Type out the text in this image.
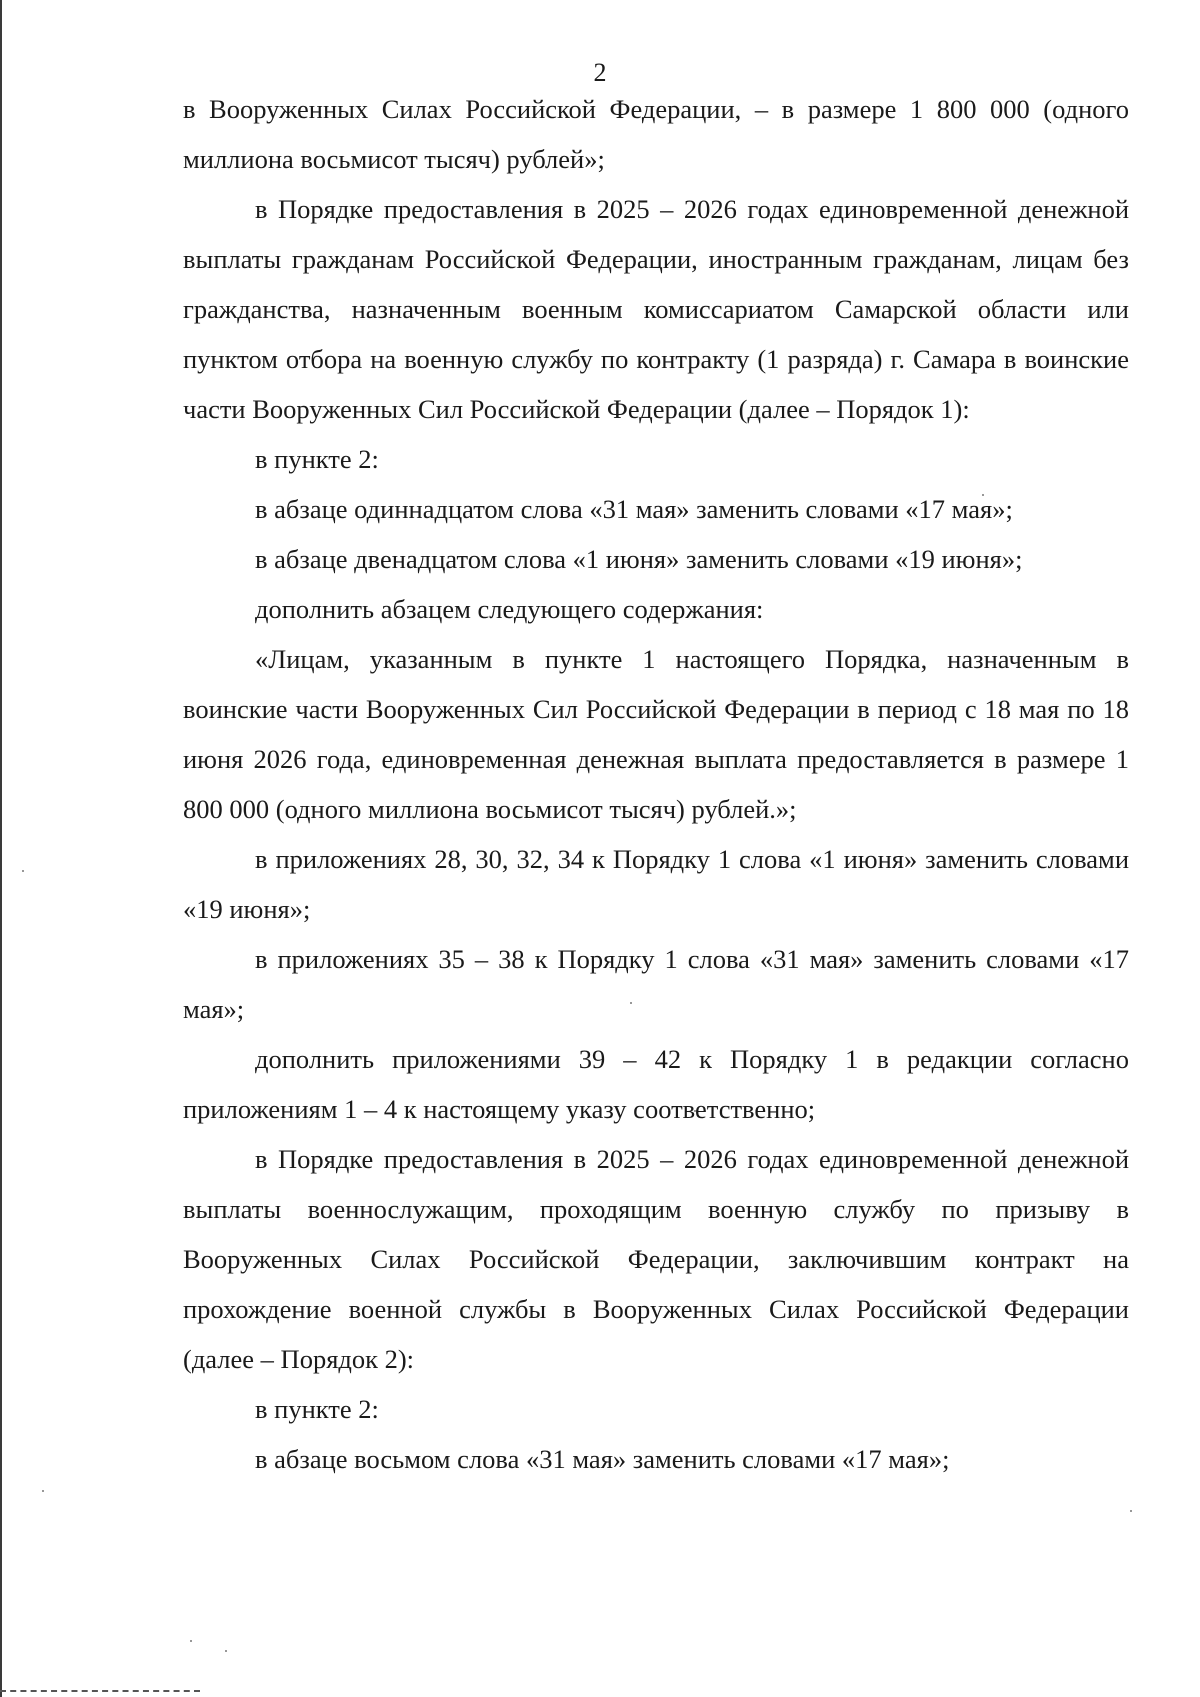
2

в Вооруженных Силах Российской Федерации, – в размере 1 800 000 (одного миллиона восьмисот тысяч) рублей»;

в Порядке предоставления в 2025 – 2026 годах единовременной денежной выплаты гражданам Российской Федерации, иностранным гражданам, лицам без гражданства, назначенным военным комиссариатом Самарской области или пунктом отбора на военную службу по контракту (1 разряда) г. Самара в воинские части Вооруженных Сил Российской Федерации (далее – Порядок 1):

в пункте 2:

в абзаце одиннадцатом слова «31 мая» заменить словами «17 мая»;

в абзаце двенадцатом слова «1 июня» заменить словами «19 июня»;

дополнить абзацем следующего содержания:

«Лицам, указанным в пункте 1 настоящего Порядка, назначенным в воинские части Вооруженных Сил Российской Федерации в период с 18 мая по 18 июня 2026 года, единовременная денежная выплата предоставляется в размере 1 800 000 (одного миллиона восьмисот тысяч) рублей.»;

в приложениях 28, 30, 32, 34 к Порядку 1 слова «1 июня» заменить словами «19 июня»;

в приложениях 35 – 38 к Порядку 1 слова «31 мая» заменить словами «17 мая»;

дополнить приложениями 39 – 42 к Порядку 1 в редакции согласно приложениям 1 – 4 к настоящему указу соответственно;

в Порядке предоставления в 2025 – 2026 годах единовременной денежной выплаты военнослужащим, проходящим военную службу по призыву в Вооруженных Силах Российской Федерации, заключившим контракт на прохождение военной службы в Вооруженных Силах Российской Федерации (далее – Порядок 2):

в пункте 2:

в абзаце восьмом слова «31 мая» заменить словами «17 мая»;
